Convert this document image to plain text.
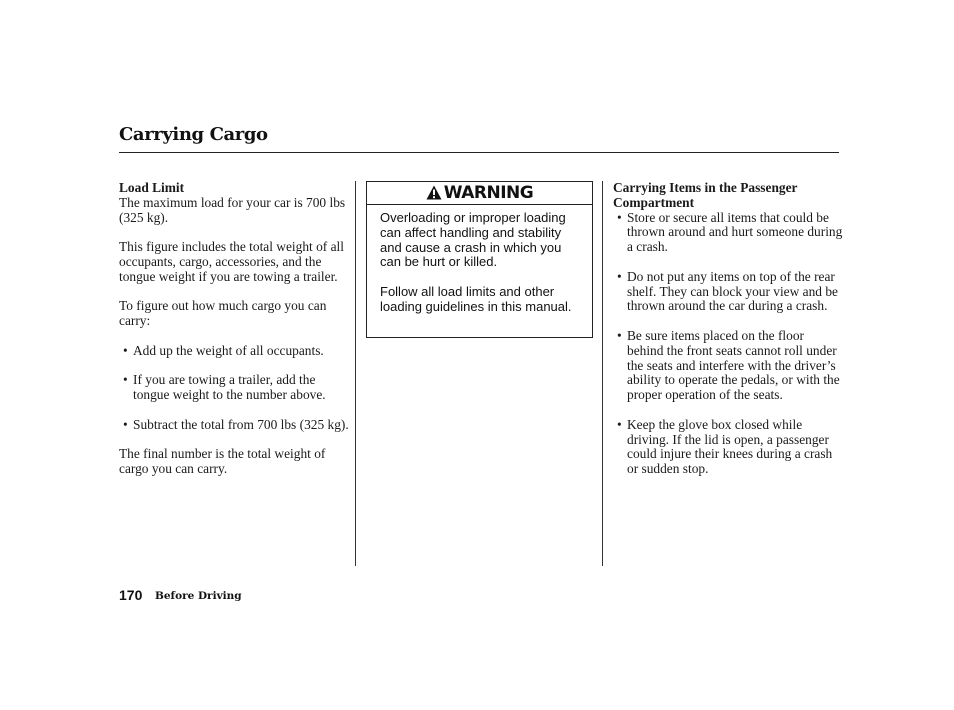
Carrying Cargo
Load Limit

The maximum load for your car is 700 lbs (325 kg).

This figure includes the total weight of all occupants, cargo, accessories, and the tongue weight if you are towing a trailer.

To figure out how much cargo you can carry:

• Add up the weight of all occupants.
• If you are towing a trailer, add the tongue weight to the number above.
• Subtract the total from 700 lbs (325 kg).

The final number is the total weight of cargo you can carry.

WARNING

Overloading or improper loading can affect handling and stability and cause a crash in which you can be hurt or killed.

Follow all load limits and other loading guidelines in this manual.

Carrying Items in the Passenger Compartment
• Store or secure all items that could be thrown around and hurt someone during a crash.
• Do not put any items on top of the rear shelf. They can block your view and be thrown around the car during a crash.
• Be sure items placed on the floor behind the front seats cannot roll under the seats and interfere with the driver’s ability to operate the pedals, or with the proper operation of the seats.
• Keep the glove box closed while driving. If the lid is open, a passenger could injure their knees during a crash or sudden stop.
170 Before Driving
